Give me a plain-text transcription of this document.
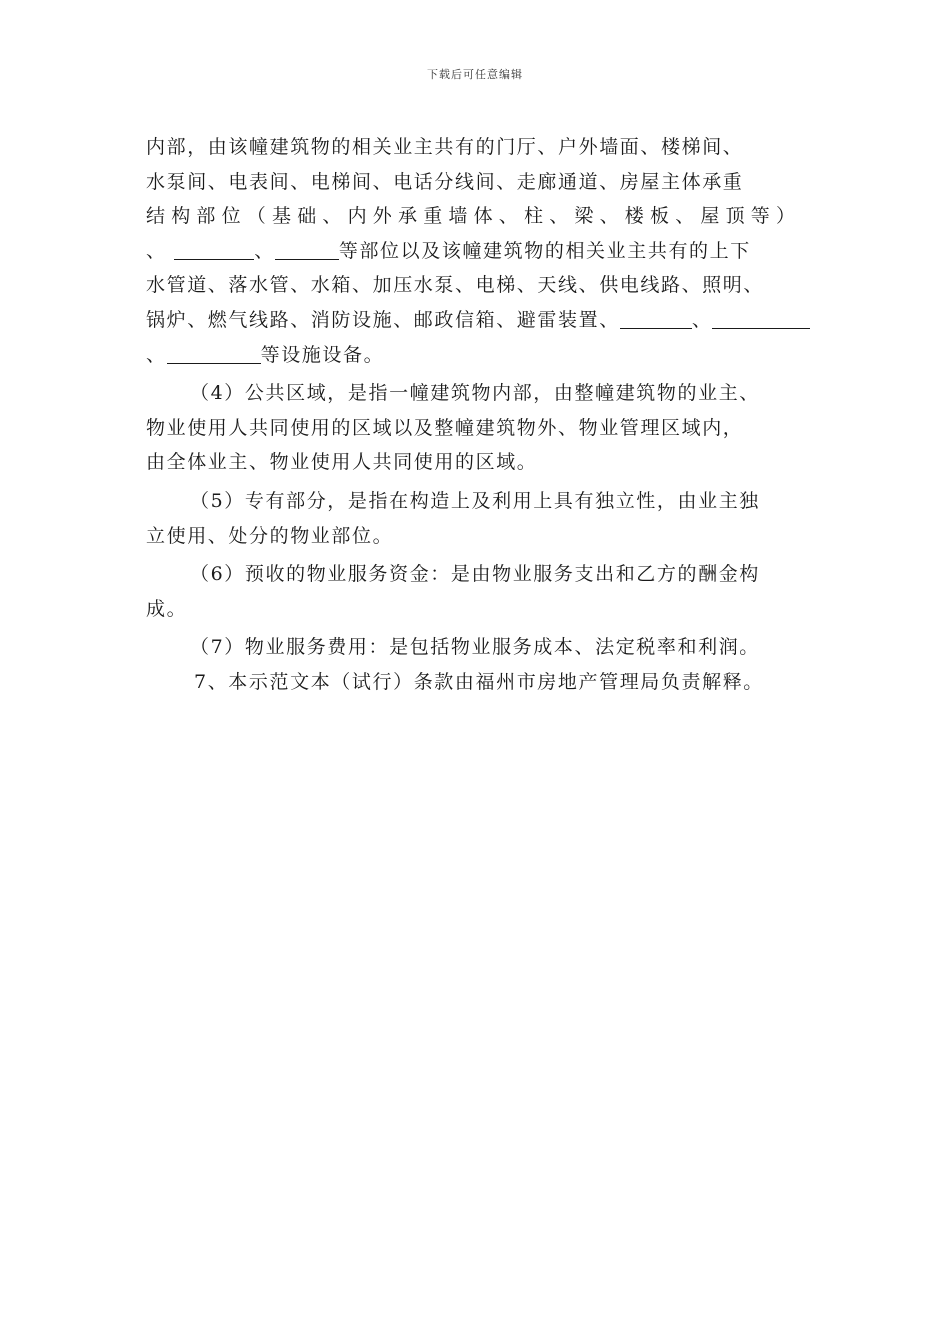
下载后可任意编辑
内部，由该幢建筑物的相关业主共有的门厅、户外墙面、楼梯间、
水泵间、电表间、电梯间、电话分线间、走廊通道、房屋主体承重
结构部位（基础、内外承重墙体、柱、梁、楼板、屋顶等）
、	、	等部位以及该幢建筑物的相关业主共有的上下
水管道、落水管、水箱、加压水泵、电梯、天线、供电线路、照明、
锅炉、燃气线路、消防设施、邮政信箱、避雷装置、	、
、	等设施设备。
（4）公共区域，是指一幢建筑物内部，由整幢建筑物的业主、
物业使用人共同使用的区域以及整幢建筑物外、物业管理区域内，
由全体业主、物业使用人共同使用的区域。
（5）专有部分，是指在构造上及利用上具有独立性，由业主独
立使用、处分的物业部位。
（6）预收的物业服务资金：是由物业服务支出和乙方的酬金构
成。
（7）物业服务费用：是包括物业服务成本、法定税率和利润。
7、本示范文本（试行）条款由福州市房地产管理局负责解释。
